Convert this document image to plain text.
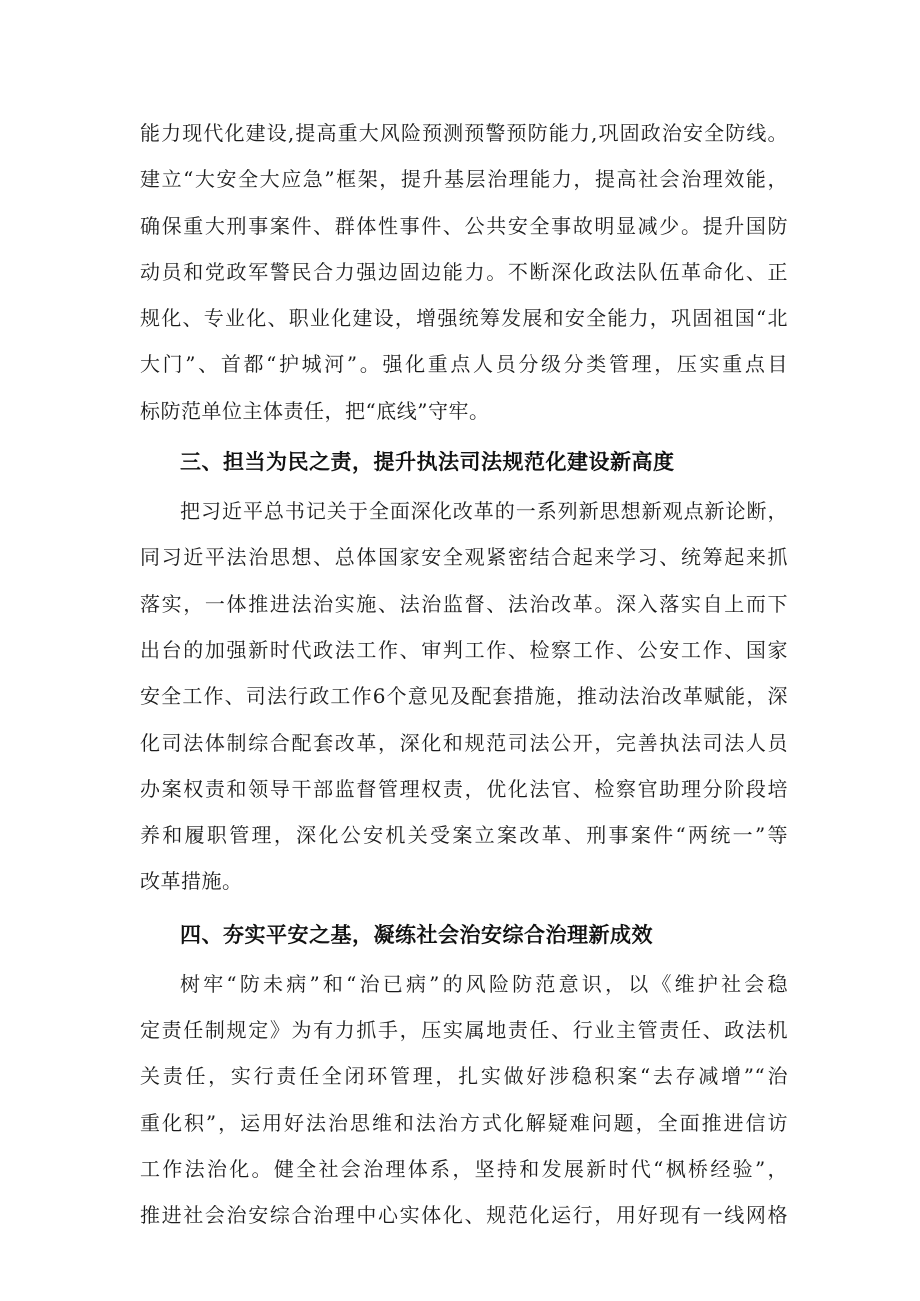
能力现代化建设,提高重大风险预测预警预防能力,巩固政治安全防线。
建立“大安全大应急”框架，提升基层治理能力，提高社会治理效能，
确保重大刑事案件、群体性事件、公共安全事故明显减少。提升国防
动员和党政军警民合力强边固边能力。不断深化政法队伍革命化、正
规化、专业化、职业化建设，增强统筹发展和安全能力，巩固祖国“北
大门”、首都“护城河”。强化重点人员分级分类管理，压实重点目
标防范单位主体责任，把“底线”守牢。
三、担当为民之责，提升执法司法规范化建设新高度
把习近平总书记关于全面深化改革的一系列新思想新观点新论断，
同习近平法治思想、总体国家安全观紧密结合起来学习、统筹起来抓
落实，一体推进法治实施、法治监督、法治改革。深入落实自上而下
出台的加强新时代政法工作、审判工作、检察工作、公安工作、国家
安全工作、司法行政工作6个意见及配套措施，推动法治改革赋能，深
化司法体制综合配套改革，深化和规范司法公开，完善执法司法人员
办案权责和领导干部监督管理权责，优化法官、检察官助理分阶段培
养和履职管理，深化公安机关受案立案改革、刑事案件“两统一”等
改革措施。
四、夯实平安之基，凝练社会治安综合治理新成效
树牢“防未病”和“治已病”的风险防范意识，以《维护社会稳
定责任制规定》为有力抓手，压实属地责任、行业主管责任、政法机
关责任，实行责任全闭环管理，扎实做好涉稳积案“去存减增”“治
重化积”，运用好法治思维和法治方式化解疑难问题，全面推进信访
工作法治化。健全社会治理体系，坚持和发展新时代“枫桥经验”，
推进社会治安综合治理中心实体化、规范化运行，用好现有一线网格
